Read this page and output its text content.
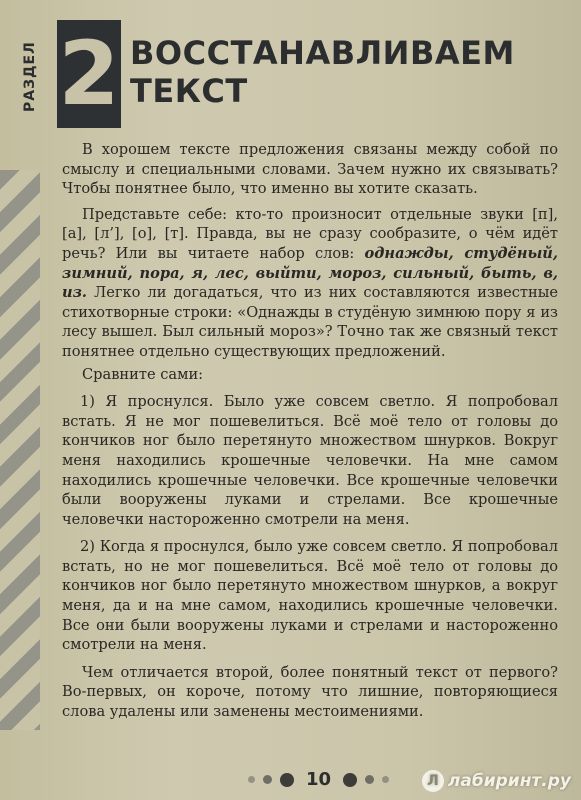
РАЗДЕЛ 2 ВОССТАНАВЛИВАЕМ
ТЕКСТ

В хорошем тексте предложения связаны между собой по смыслу и специальными словами. Зачем нужно их связывать? Чтобы понятнее было, что именно вы хотите сказать.

Представьте себе: кто-то произносит отдельные звуки [п], [а], [л’], [о], [т]. Правда, вы не сразу сообразите, о чём идёт речь? Или вы читаете набор слов: однажды, студёный, зимний, пора, я, лес, выйти, мороз, сильный, быть, в, из. Легко ли догадаться, что из них составляются известные стихотворные строки: «Однажды в студёную зимнюю пору я из лесу вышел. Был сильный мороз»? Точно так же связный текст понятнее отдельно существующих предложений.

Сравните сами:

1) Я проснулся. Было уже совсем светло. Я попробовал встать. Я не мог пошевелиться. Всё моё тело от головы до кончиков ног было перетянуто множеством шнурков. Вокруг меня находились крошечные человечки. На мне самом находились крошечные человечки. Все крошечные человечки были вооружены луками и стрелами. Все крошечные человечки настороженно смотрели на меня.

2) Когда я проснулся, было уже совсем светло. Я попробовал встать, но не мог пошевелиться. Всё моё тело от головы до кончиков ног было перетянуто множеством шнурков, а вокруг меня, да и на мне самом, находились крошечные человечки. Все они были вооружены луками и стрелами и настороженно смотрели на меня.

Чем отличается второй, более понятный текст от первого? Во-первых, он короче, потому что лишние, повторяющиеся слова удалены или заменены местоимениями.

10	Л лабиринт.ру
